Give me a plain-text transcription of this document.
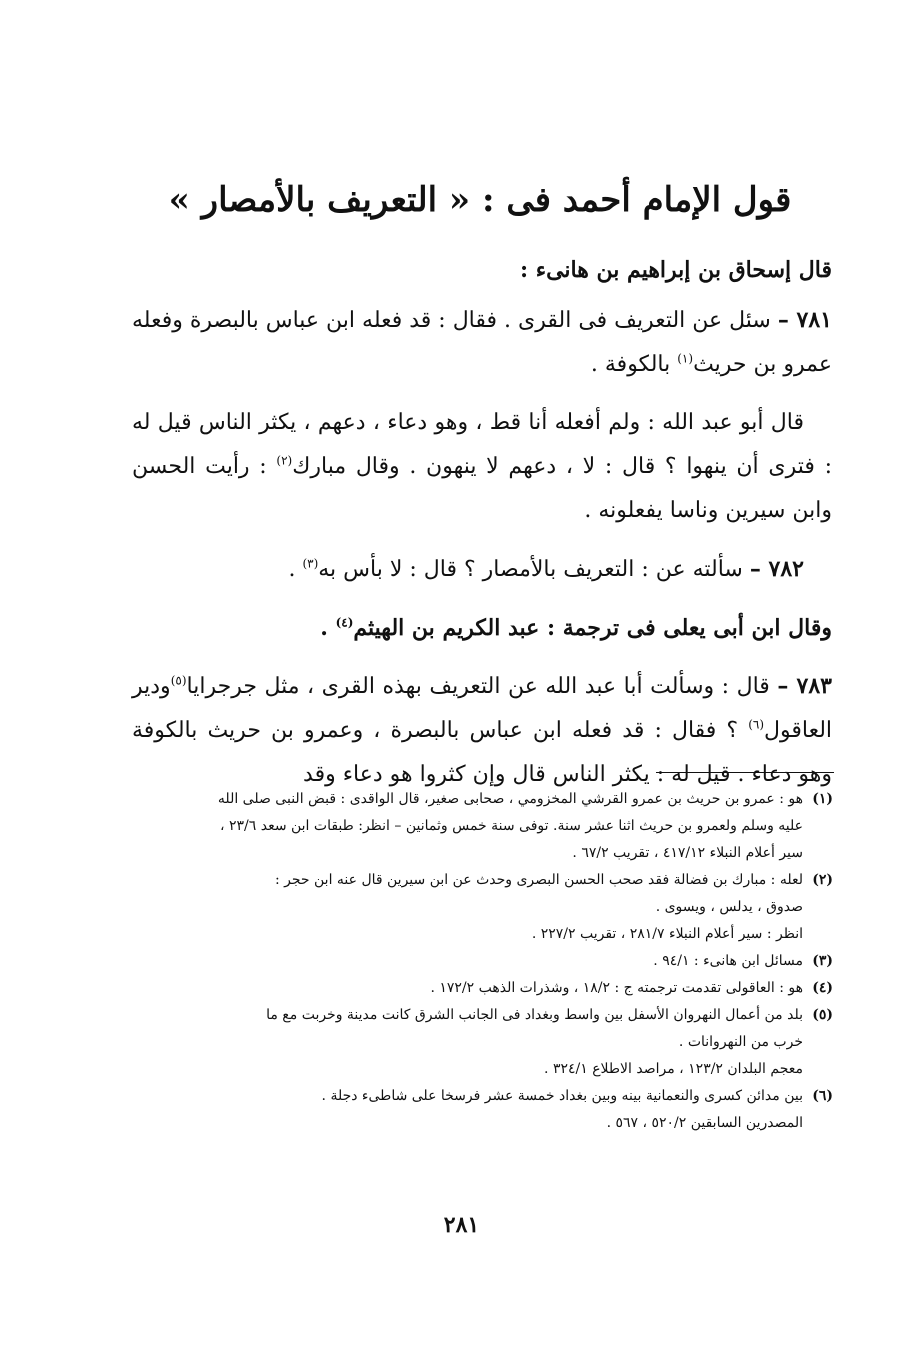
قول الإمام أحمد فى : « التعريف بالأمصار »

قال إسحاق بن إبراهيم بن هانىء :

٧٨١ – سئل عن التعريف فى القرى . فقال : قد فعله ابن عباس بالبصرة وفعله عمرو بن حريث$^{(١)}$ بالكوفة .

قال أبو عبد الله : ولم أفعله أنا قط ، وهو دعاء ، دعهم ، يكثر الناس قيل له : فترى أن ينهوا ؟ قال : لا ، دعهم لا ينهون . وقال مبارك$^{(٢)}$ : رأيت الحسن وابن سيرين وناسا يفعلونه .

٧٨٢ – سألته عن : التعريف بالأمصار ؟ قال : لا بأس به$^{(٣)}$ .

وقال ابن أبى يعلى فى ترجمة : عبد الكريم بن الهيثم$^{(٤)}$ .

٧٨٣ – قال : وسألت أبا عبد الله عن التعريف بهذه القرى ، مثل جرجرايا$^{(٥)}$ودير العاقول$^{(٦)}$ ؟ فقال : قد فعله ابن عباس بالبصرة ، وعمرو بن حريث بالكوفة وهو دعاء . قيل له : يكثر الناس قال وإن كثروا هو دعاء وقد

(١)
هو : عمرو بن حريث بن عمرو القرشي المخزومي ، صحابى صغير، قال الواقدى : قبض النبى صلى الله
عليه وسلم ولعمرو بن حريث اثنا عشر سنة. توفى سنة خمس وثمانين – انظر: طبقات ابن سعد ٢٣/٦ ،
سير أعلام النبلاء ٤١٧/١٢ ، تقريب ٦٧/٢ .
(٢)
لعله : مبارك بن فضالة فقد صحب الحسن البصرى وحدث عن ابن سيرين قال عنه ابن حجر :
صدوق ، يدلس ، ويسوى .
انظر : سير أعلام النبلاء ٢٨١/٧ ، تقريب ٢٢٧/٢ .
(٣)
مسائل ابن هانىء : ٩٤/١ .
(٤)
هو : العاقولى تقدمت ترجمته ج : ١٨/٢ ، وشذرات الذهب ١٧٢/٢ .
(٥)
بلد من أعمال النهروان الأسفل بين واسط وبغداد فى الجانب الشرق كانت مدينة وخربت مع ما
خرب من النهروانات .
معجم البلدان ١٢٣/٢ ، مراصد الاطلاع ٣٢٤/١ .
(٦)
بين مدائن كسرى والنعمانية بينه وبين بغداد خمسة عشر فرسخا على شاطىء دجلة .
المصدرين السابقين ٥٢٠/٢ ، ٥٦٧ .
٢٨١
